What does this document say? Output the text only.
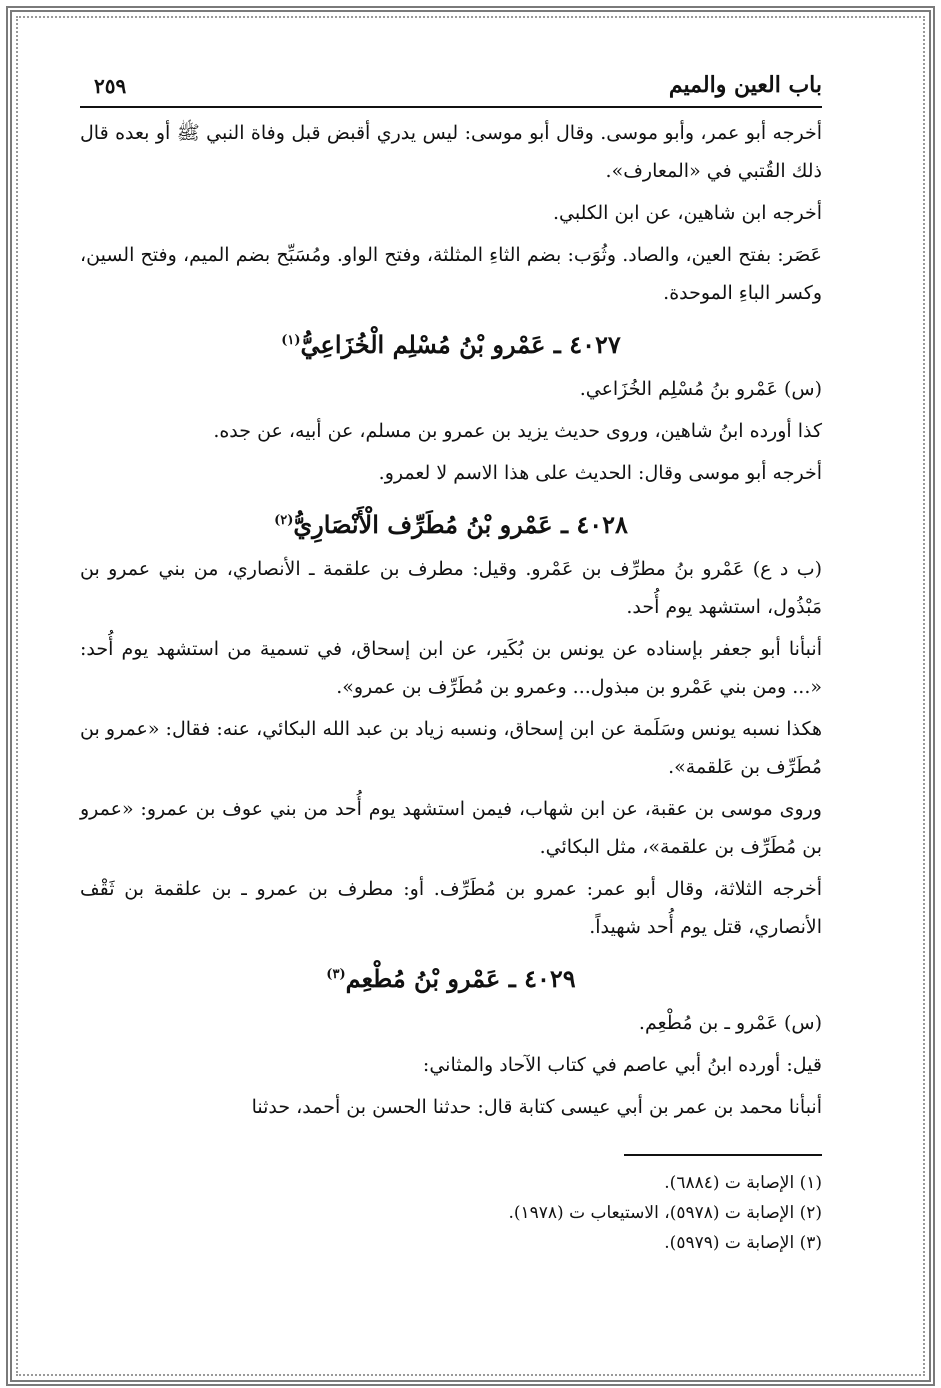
باب العين والميم
٢٥٩

أخرجه أبو عمر، وأبو موسى. وقال أبو موسى: ليس يدري أقبض قبل وفاة النبي ﷺ أو بعده قال ذلك القُتبي في «المعارف».

أخرجه ابن شاهين، عن ابن الكلبي.

عَصَر: بفتح العين، والصاد. وثُوَب: بضم الثاءِ المثلثة، وفتح الواو. ومُسَبِّح بضم الميم، وفتح السين، وكسر الباءِ الموحدة.

٤٠٢٧ ـ عَمْرو بْنُ مُسْلِم الْخُزَاعِيُّ$^{(١)}$

(س) عَمْرو بنُ مُسْلِم الخُزَاعي.

كذا أورده ابنُ شاهين، وروى حديث يزيد بن عمرو بن مسلم، عن أبيه، عن جده.

أخرجه أبو موسى وقال: الحديث على هذا الاسم لا لعمرو.

٤٠٢٨ ـ عَمْرو بْنُ مُطَرِّف الْأَنْصَارِيُّ$^{(٢)}$

(ب د ع) عَمْرو بنُ مطرِّف بن عَمْرو. وقيل: مطرف بن علقمة ـ الأنصاري، من بني عمرو بن مَبْذُول، استشهد يوم أُحد.

أنبأنا أبو جعفر بإسناده عن يونس بن بُكَير، عن ابن إسحاق، في تسمية من استشهد يوم أُحد: «... ومن بني عَمْرو بن مبذول... وعمرو بن مُطَرِّف بن عمرو».

هكذا نسبه يونس وسَلَمة عن ابن إسحاق، ونسبه زياد بن عبد الله البكائي، عنه: فقال: «عمرو بن مُطَرِّف بن عَلقمة».

وروى موسى بن عقبة، عن ابن شهاب، فيمن استشهد يوم أُحد من بني عوف بن عمرو: «عمرو بن مُطَرِّف بن علقمة»، مثل البكائي.

أخرجه الثلاثة، وقال أبو عمر: عمرو بن مُطَرِّف. أو: مطرف بن عمرو ـ بن علقمة بن ثَقْف الأنصاري، قتل يوم أُحد شهيداً.

٤٠٢٩ ـ عَمْرو بْنُ مُطْعِم$^{(٣)}$

(س) عَمْرو ـ بن مُطْعِم.

قيل: أورده ابنُ أبي عاصم في كتاب الآحاد والمثاني:

أنبأنا محمد بن عمر بن أبي عيسى كتابة قال: حدثنا الحسن بن أحمد، حدثنا

(١) الإصابة ت (٦٨٨٤).

(٢) الإصابة ت (٥٩٧٨)، الاستيعاب ت (١٩٧٨).

(٣) الإصابة ت (٥٩٧٩).
